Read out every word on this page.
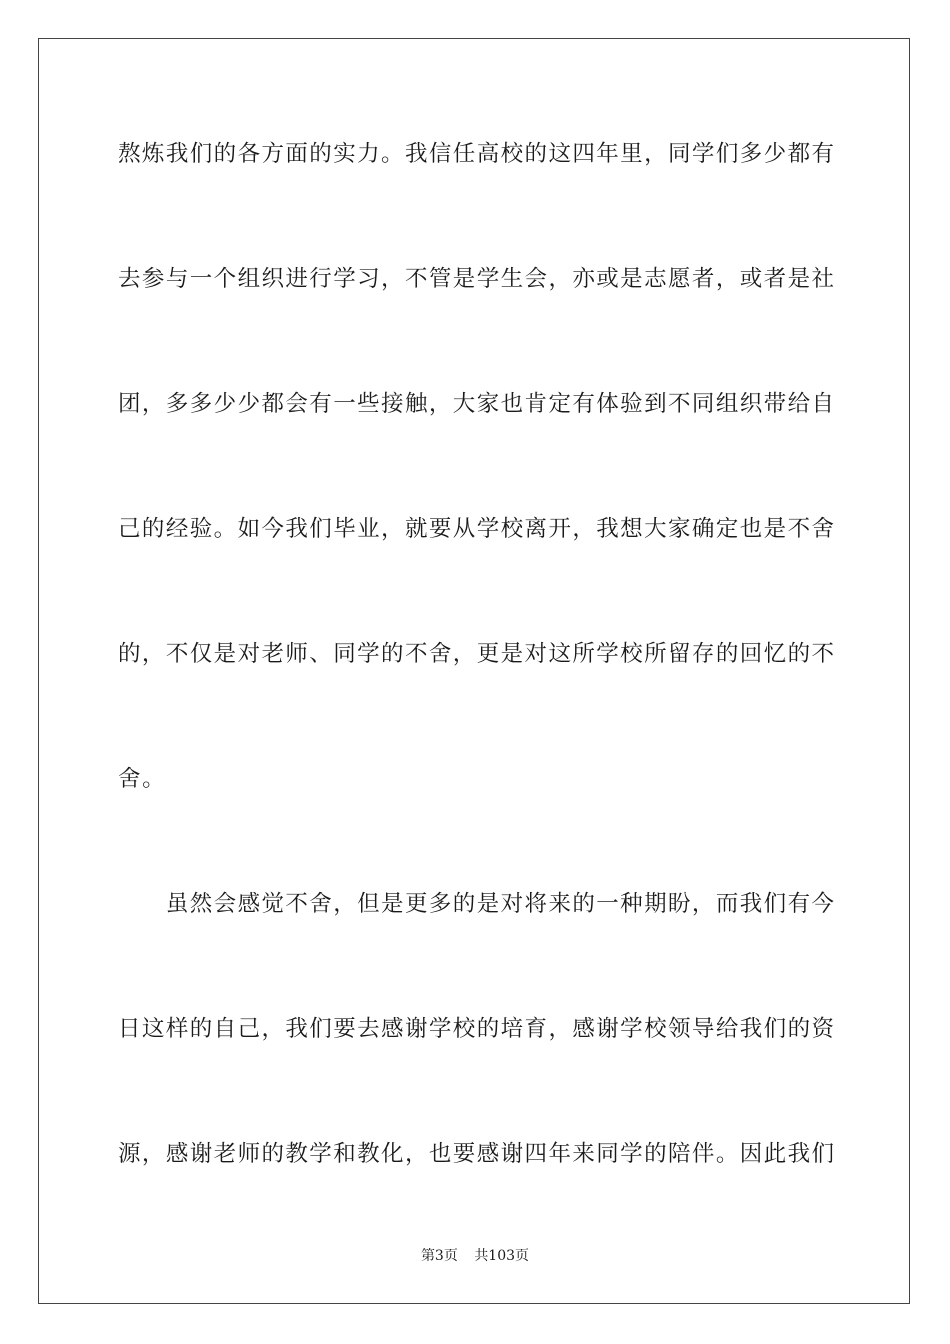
熬炼我们的各方面的实力。我信任高校的这四年里，同学们多少都有
去参与一个组织进行学习，不管是学生会，亦或是志愿者，或者是社
团，多多少少都会有一些接触，大家也肯定有体验到不同组织带给自
己的经验。如今我们毕业，就要从学校离开，我想大家确定也是不舍
的，不仅是对老师、同学的不舍，更是对这所学校所留存的回忆的不
舍。
　　虽然会感觉不舍，但是更多的是对将来的一种期盼，而我们有今
日这样的自己，我们要去感谢学校的培育，感谢学校领导给我们的资
源，感谢老师的教学和教化，也要感谢四年来同学的陪伴。因此我们
第3页 共103页
